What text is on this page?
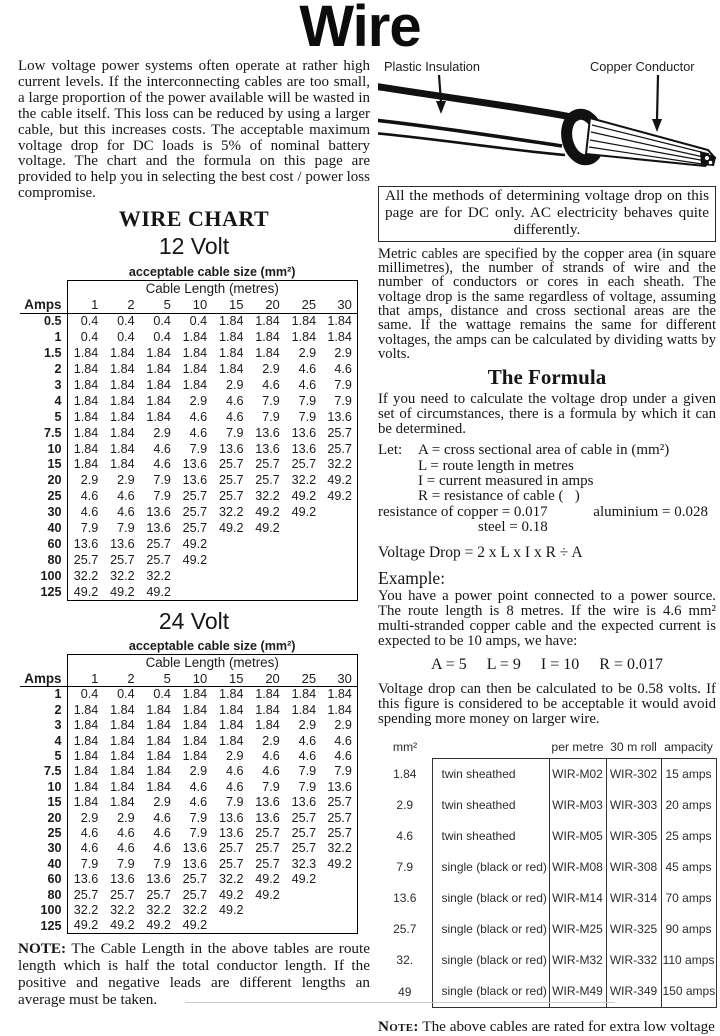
Wire
Low voltage power systems often operate at rather high current levels. If the interconnecting cables are too small, a large proportion of the power available will be wasted in the cable itself. This loss can be reduced by using a larger cable, but this increases costs. The acceptable maximum voltage drop for DC loads is 5% of nominal battery voltage. The chart and the formula on this page are provided to help you in selecting the best cost / power loss compromise.
WIRE CHART
12 Volt
	acceptable cable size (mm²)							
	Cable Length (metres)							
Amps	1	2	5	10	15	20	25	30
0.5	0.4	0.4	0.4	0.4	1.84	1.84	1.84	1.84
1	0.4	0.4	0.4	1.84	1.84	1.84	1.84	1.84
1.5	1.84	1.84	1.84	1.84	1.84	1.84	2.9	2.9
2	1.84	1.84	1.84	1.84	1.84	2.9	4.6	4.6
3	1.84	1.84	1.84	1.84	2.9	4.6	4.6	7.9
4	1.84	1.84	1.84	2.9	4.6	7.9	7.9	7.9
5	1.84	1.84	1.84	4.6	4.6	7.9	7.9	13.6
7.5	1.84	1.84	2.9	4.6	7.9	13.6	13.6	25.7
10	1.84	1.84	4.6	7.9	13.6	13.6	13.6	25.7
15	1.84	1.84	4.6	13.6	25.7	25.7	25.7	32.2
20	2.9	2.9	7.9	13.6	25.7	25.7	32.2	49.2
25	4.6	4.6	7.9	25.7	25.7	32.2	49.2	49.2
30	4.6	4.6	13.6	25.7	32.2	49.2	49.2	
40	7.9	7.9	13.6	25.7	49.2	49.2		
60	13.6	13.6	25.7	49.2				
80	25.7	25.7	25.7	49.2				
100	32.2	32.2	32.2					
125	49.2	49.2	49.2					
24 Volt
	acceptable cable size (mm²)							
	Cable Length (metres)							
Amps	1	2	5	10	15	20	25	30
1	0.4	0.4	0.4	1.84	1.84	1.84	1.84	1.84
2	1.84	1.84	1.84	1.84	1.84	1.84	1.84	1.84
3	1.84	1.84	1.84	1.84	1.84	1.84	2.9	2.9
4	1.84	1.84	1.84	1.84	1.84	2.9	4.6	4.6
5	1.84	1.84	1.84	1.84	2.9	4.6	4.6	4.6
7.5	1.84	1.84	1.84	2.9	4.6	4.6	7.9	7.9
10	1.84	1.84	1.84	4.6	4.6	7.9	7.9	13.6
15	1.84	1.84	2.9	4.6	7.9	13.6	13.6	25.7
20	2.9	2.9	4.6	7.9	13.6	13.6	25.7	25.7
25	4.6	4.6	4.6	7.9	13.6	25.7	25.7	25.7
30	4.6	4.6	4.6	13.6	25.7	25.7	25.7	32.2
40	7.9	7.9	7.9	13.6	25.7	25.7	32.3	49.2
60	13.6	13.6	13.6	25.7	32.2	49.2	49.2	
80	25.7	25.7	25.7	25.7	49.2	49.2		
100	32.2	32.2	32.2	32.2	49.2			
125	49.2	49.2	49.2	49.2				
NOTE: The Cable Length in the above tables are route length which is half the total conductor length. If the positive and negative leads are different lengths an average must be taken.
Plastic Insulation	Copper Conductor
All the methods of determining voltage drop on this page are for DC only. AC electricity behaves quite differently.
Metric cables are specified by the copper area (in square millimetres), the number of strands of wire and the number of conductors or cores in each sheath. The voltage drop is the same regardless of voltage, assuming that amps, distance and cross sectional areas are the same. If the wattage remains the same for different voltages, the amps can be calculated by dividing watts by volts.
The Formula
If you need to calculate the voltage drop under a given set of circumstances, there is a formula by which it can be determined.
Let:	A = cross sectional area of cable in (mm²)
L = route length in metres
I = current measured in amps
R = resistance of cable (   )
resistance of copper = 0.017	aluminium = 0.028
steel = 0.18
Voltage Drop = 2 x L x I x R ÷ A
Example:
You have a power point connected to a power source. The route length is 8 metres. If the wire is 4.6 mm² multi-stranded copper cable and the expected current is expected to be 10 amps, we have:
A = 5     L = 9     I = 10     R = 0.017
Voltage drop can then be calculated to be 0.58 volts. If this figure is considered to be acceptable it would avoid spending more money on larger wire.
mm²		per metre	30 m roll	ampacity
1.84	twin sheathed	WIR-M02	WIR-302	15 amps
2.9	twin sheathed	WIR-M03	WIR-303	20 amps
4.6	twin sheathed	WIR-M05	WIR-305	25 amps
7.9	single (black or red)	WIR-M08	WIR-308	45 amps
13.6	single (black or red)	WIR-M14	WIR-314	70 amps
25.7	single (black or red)	WIR-M25	WIR-325	90 amps
32.	single (black or red)	WIR-M32	WIR-332	110 amps
49	single (black or red)	WIR-M49	WIR-349	150 amps
Note: The above cables are rated for extra low voltage
